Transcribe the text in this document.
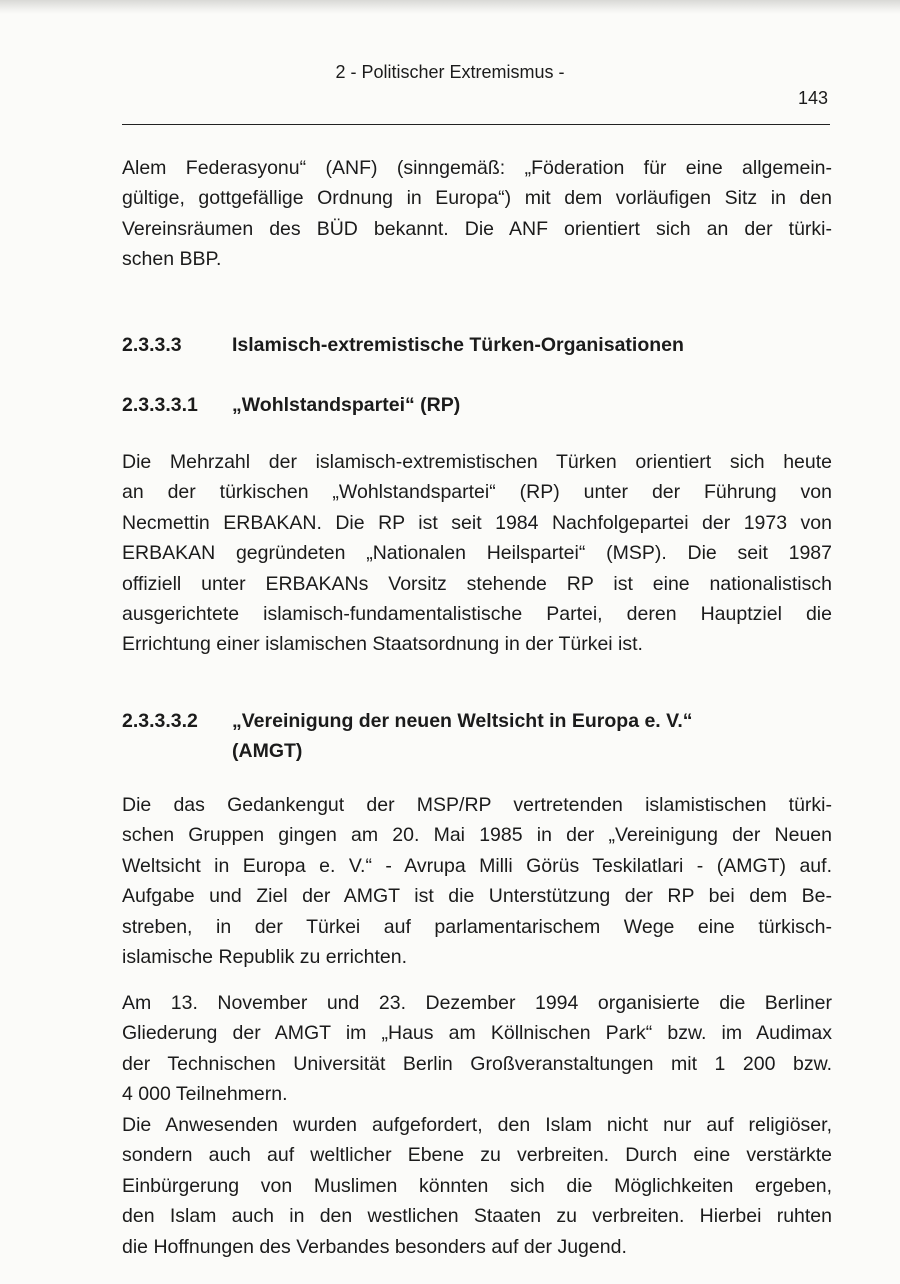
2 - Politischer Extremismus -
143
Alem Federasyonu“ (ANF) (sinngemäß: „Föderation für eine allgemein-
gültige, gottgefällige Ordnung in Europa“) mit dem vorläufigen Sitz in den
Vereinsräumen des BÜD bekannt. Die ANF orientiert sich an der türki-
schen BBP.
2.3.3.3	Islamisch-extremistische Türken-Organisationen
2.3.3.3.1 „Wohlstandspartei“ (RP)
Die Mehrzahl der islamisch-extremistischen Türken orientiert sich heute
an der türkischen „Wohlstandspartei“ (RP) unter der Führung von
Necmettin ERBAKAN. Die RP ist seit 1984 Nachfolgepartei der 1973 von
ERBAKAN gegründeten „Nationalen Heilspartei“ (MSP). Die seit 1987
offiziell unter ERBAKANs Vorsitz stehende RP ist eine nationalistisch
ausgerichtete islamisch-fundamentalistische Partei, deren Hauptziel die
Errichtung einer islamischen Staatsordnung in der Türkei ist.
2.3.3.3.2 „Vereinigung der neuen Weltsicht in Europa e. V.“
(AMGT)
Die das Gedankengut der MSP/RP vertretenden islamistischen türki-
schen Gruppen gingen am 20. Mai 1985 in der „Vereinigung der Neuen
Weltsicht in Europa e. V.“ - Avrupa Milli Görüs Teskilatlari - (AMGT) auf.
Aufgabe und Ziel der AMGT ist die Unterstützung der RP bei dem Be-
streben, in der Türkei auf parlamentarischem Wege eine türkisch-
islamische Republik zu errichten.
Am 13. November und 23. Dezember 1994 organisierte die Berliner
Gliederung der AMGT im „Haus am Köllnischen Park“ bzw. im Audimax
der Technischen Universität Berlin Großveranstaltungen mit 1 200 bzw.
4 000 Teilnehmern.
Die Anwesenden wurden aufgefordert, den Islam nicht nur auf religiöser,
sondern auch auf weltlicher Ebene zu verbreiten. Durch eine verstärkte
Einbürgerung von Muslimen könnten sich die Möglichkeiten ergeben,
den Islam auch in den westlichen Staaten zu verbreiten. Hierbei ruhten
die Hoffnungen des Verbandes besonders auf der Jugend.
